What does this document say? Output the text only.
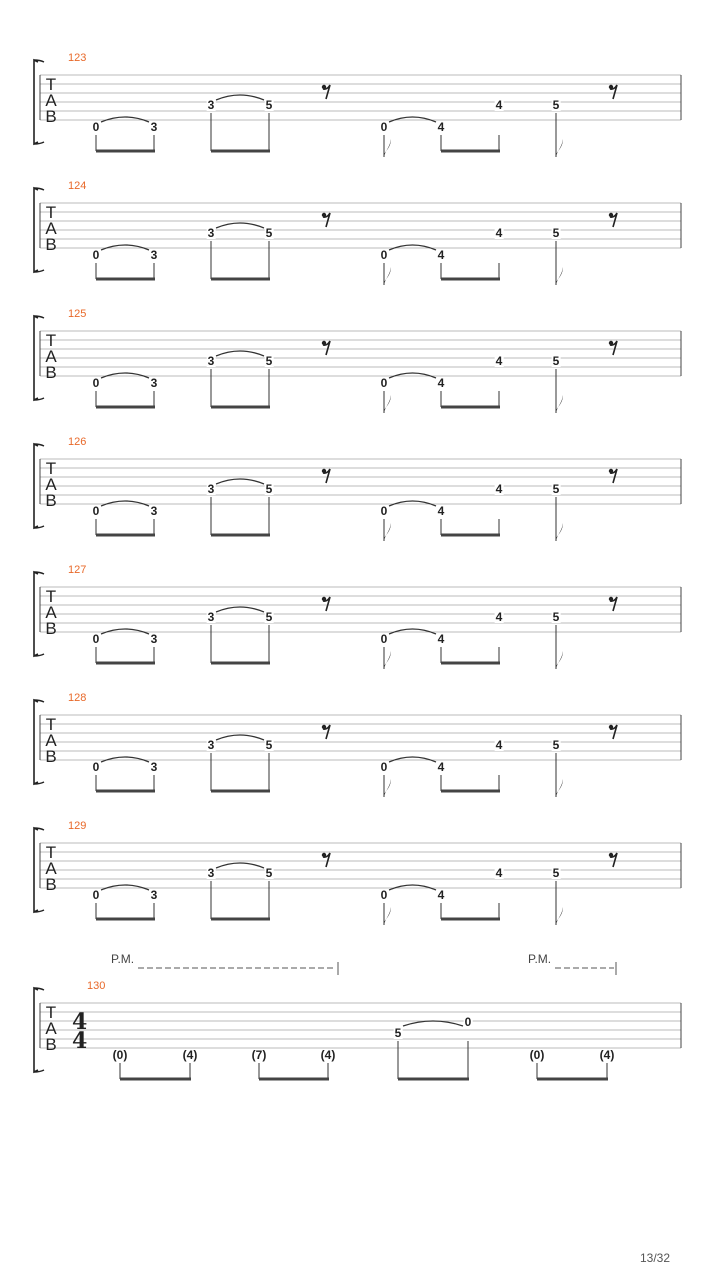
T
A
B
123
0	3
3	5
0	4
4	5
T
A
B
124
0	3
3	5
0	4
4	5
T
A
B
125
0	3
3	5
0	4
4	5
T
A
B
126
0	3
3	5
0	4
4	5
T
A
B
127
0	3
3	5
0	4
4	5
T
A
B
128
0	3
3	5
0	4
4	5
T
A
B
129
0	3
3	5
0	4
4	5
T
A
B
130
4
4
P.M.	P.M.
(0)	(4)	(7)	(4)
5
0
(0)	(4)
13/32
